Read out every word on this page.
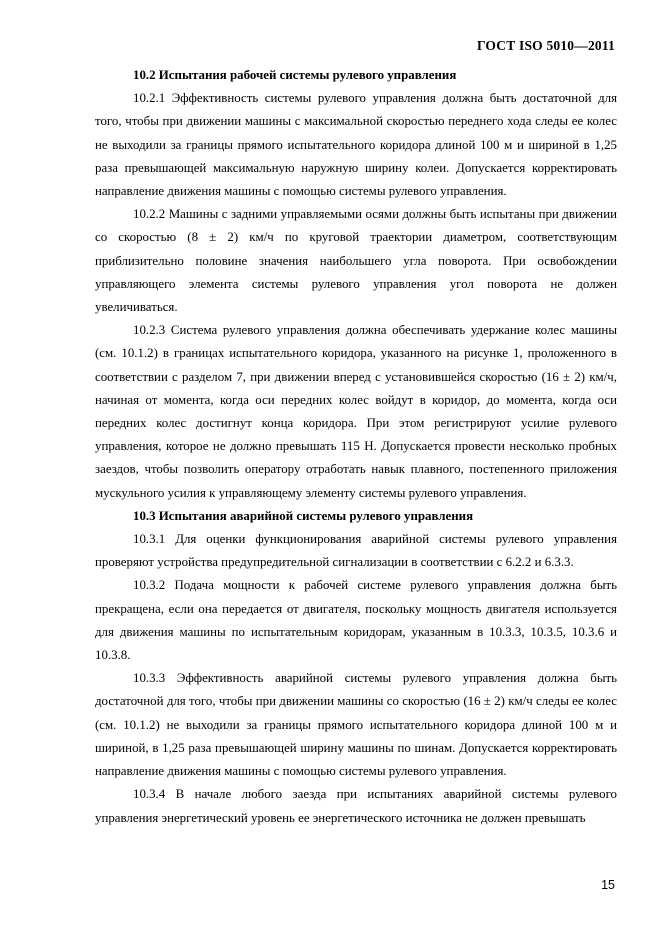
ГОСТ ISO 5010—2011

10.2 Испытания рабочей системы рулевого управления

10.2.1 Эффективность системы рулевого управления должна быть достаточной для того, чтобы при движении машины с максимальной скоростью переднего хода следы ее колес не выходили за границы прямого испытательного коридора длиной 100 м и шириной в 1,25 раза превышающей максимальную наружную ширину колеи. Допускается корректировать направление движения машины с помощью системы рулевого управления.

10.2.2 Машины с задними управляемыми осями должны быть испытаны при движении со скоростью (8 ± 2) км/ч по круговой траектории диаметром, соответствующим приблизительно половине значения наибольшего угла поворота. При освобождении управляющего элемента системы рулевого управления угол поворота не должен увеличиваться.

10.2.3 Система рулевого управления должна обеспечивать удержание колес машины (см. 10.1.2) в границах испытательного коридора, указанного на рисунке 1, проложенного в соответствии с разделом 7, при движении вперед с установившейся скоростью (16 ± 2) км/ч, начиная от момента, когда оси передних колес войдут в коридор, до момента, когда оси передних колес достигнут конца коридора. При этом регистрируют усилие рулевого управления, которое не должно превышать 115 Н. Допускается провести несколько пробных заездов, чтобы позволить оператору отработать навык плавного, постепенного приложения мускульного усилия к управляющему элементу системы рулевого управления.

10.3 Испытания аварийной системы рулевого управления

10.3.1 Для оценки функционирования аварийной системы рулевого управления проверяют устройства предупредительной сигнализации в соответствии с 6.2.2 и 6.3.3.

10.3.2 Подача мощности к рабочей системе рулевого управления должна быть прекращена, если она передается от двигателя, поскольку мощность двигателя используется для движения машины по испытательным коридорам, указанным в 10.3.3, 10.3.5, 10.3.6 и 10.3.8.

10.3.3 Эффективность аварийной системы рулевого управления должна быть достаточной для того, чтобы при движении машины со скоростью (16 ± 2) км/ч следы ее колес (см. 10.1.2) не выходили за границы прямого испытательного коридора длиной 100 м и шириной, в 1,25 раза превышающей ширину машины по шинам. Допускается корректировать направление движения машины с помощью системы рулевого управления.

10.3.4 В начале любого заезда при испытаниях аварийной системы рулевого управления энергетический уровень ее энергетического источника не должен превышать

15
